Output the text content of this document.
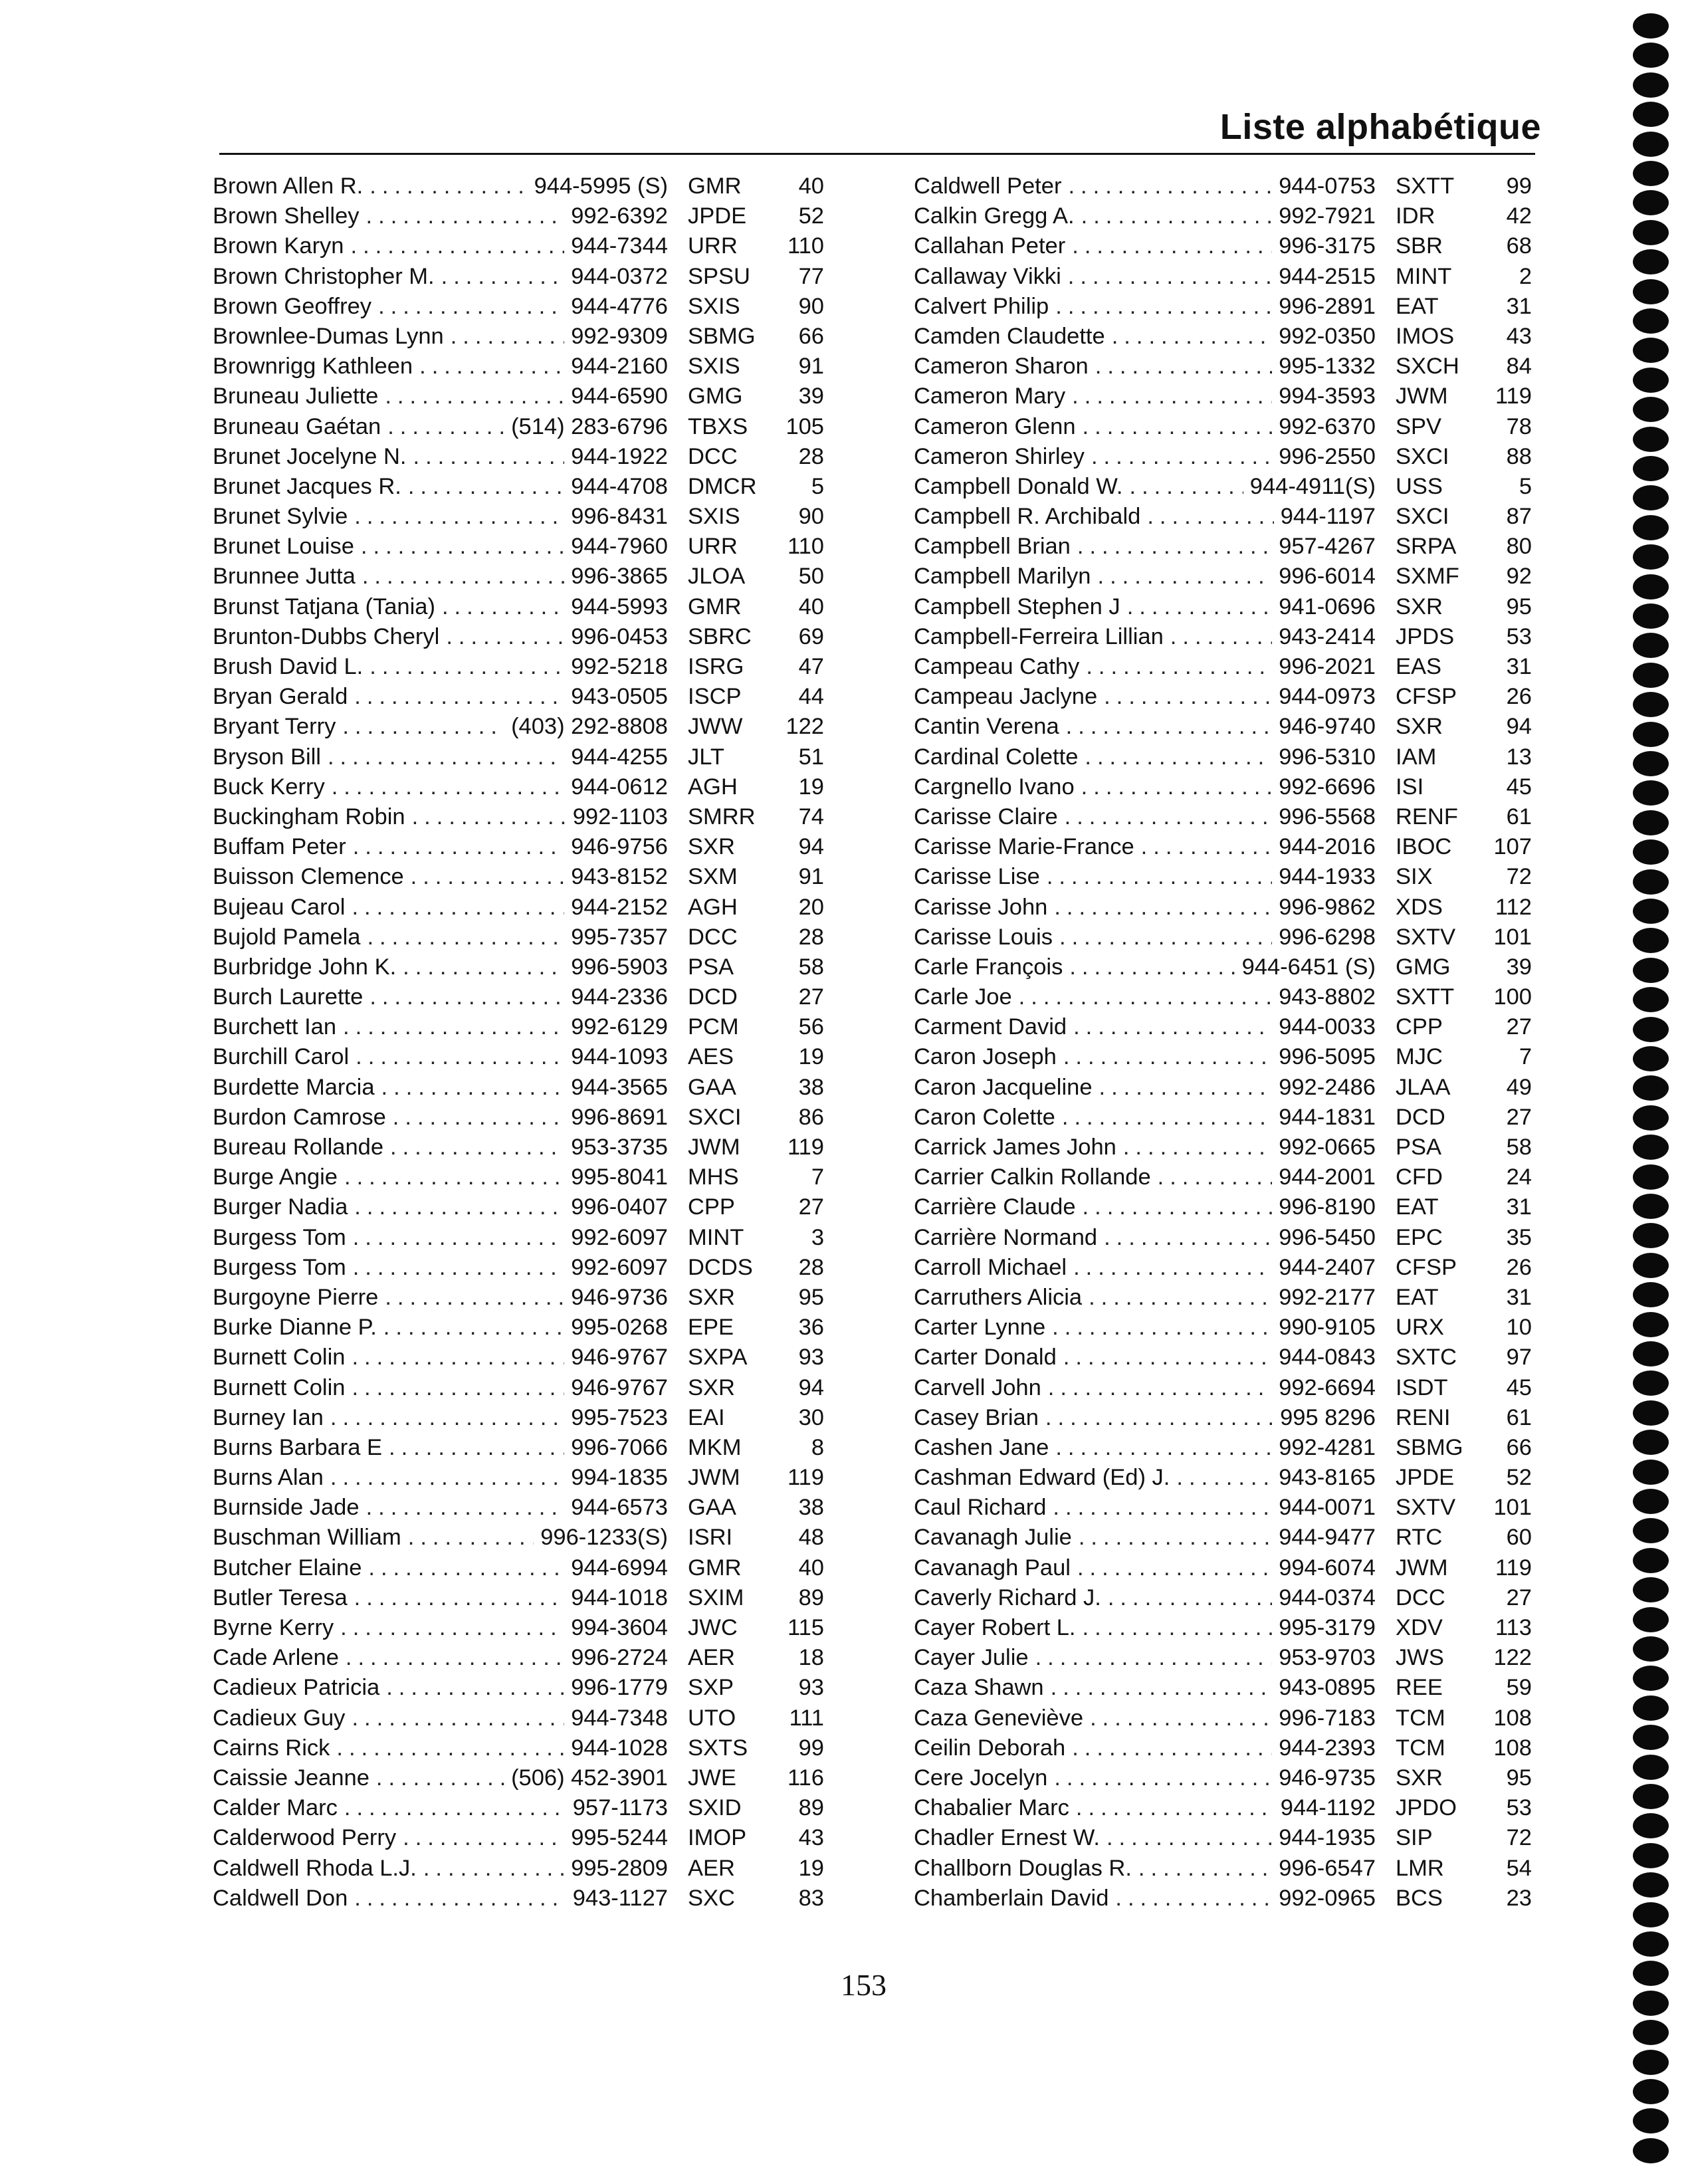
Liste alphabétique
Brown Allen R. .....	944-5995 (S) GMR	40
Brown Shelley .....	992-6392 JPDE	52
Brown Karyn .....	944-7344 URR	110
Brown Christopher M. .....	944-0372 SPSU	77
Brown Geoffrey .....	944-4776 SXIS	90
Brownlee-Dumas Lynn .....	992-9309 SBMG	66
Brownrigg Kathleen .....	944-2160 SXIS	91
Bruneau Juliette .....	944-6590 GMG	39
Bruneau Gaétan .....	(514) 283-6796 TBXS	105
Brunet Jocelyne N. .....	944-1922 DCC	28
Brunet Jacques R. .....	944-4708 DMCR	5
Brunet Sylvie .....	996-8431 SXIS	90
Brunet Louise .....	944-7960 URR	110
Brunnee Jutta .....	996-3865 JLOA	50
Brunst Tatjana (Tania) .....	944-5993 GMR	40
Brunton-Dubbs Cheryl .....	996-0453 SBRC	69
Brush David L. .....	992-5218 ISRG	47
Bryan Gerald .....	943-0505 ISCP	44
Bryant Terry .....	(403) 292-8808 JWW	122
Bryson Bill .....	944-4255 JLT	51
Buck Kerry .....	944-0612 AGH	19
Buckingham Robin .....	992-1103 SMRR	74
Buffam Peter .....	946-9756 SXR	94
Buisson Clemence .....	943-8152 SXM	91
Bujeau Carol .....	944-2152 AGH	20
Bujold Pamela .....	995-7357 DCC	28
Burbridge John K. .....	996-5903 PSA	58
Burch Laurette .....	944-2336 DCD	27
Burchett Ian .....	992-6129 PCM	56
Burchill Carol .....	944-1093 AES	19
Burdette Marcia .....	944-3565 GAA	38
Burdon Camrose .....	996-8691 SXCI	86
Bureau Rollande .....	953-3735 JWM	119
Burge Angie .....	995-8041 MHS	7
Burger Nadia .....	996-0407 CPP	27
Burgess Tom .....	992-6097 MINT	3
Burgess Tom .....	992-6097 DCDS	28
Burgoyne Pierre .....	946-9736 SXR	95
Burke Dianne P. .....	995-0268 EPE	36
Burnett Colin .....	946-9767 SXPA	93
Burnett Colin .....	946-9767 SXR	94
Burney Ian .....	995-7523 EAI	30
Burns Barbara E .....	996-7066 MKM	8
Burns Alan .....	994-1835 JWM	119
Burnside Jade .....	944-6573 GAA	38
Buschman William .....	996-1233(S) ISRI	48
Butcher Elaine .....	944-6994 GMR	40
Butler Teresa .....	944-1018 SXIM	89
Byrne Kerry .....	994-3604 JWC	115
Cade Arlene .....	996-2724 AER	18
Cadieux Patricia .....	996-1779 SXP	93
Cadieux Guy .....	944-7348 UTO	111
Cairns Rick .....	944-1028 SXTS	99
Caissie Jeanne .....	(506) 452-3901 JWE	116
Calder Marc .....	957-1173 SXID	89
Calderwood Perry .....	995-5244 IMOP	43
Caldwell Rhoda L.J. .....	995-2809 AER	19
Caldwell Don .....	943-1127 SXC	83
Caldwell Peter .....	944-0753 SXTT	99
Calkin Gregg A. .....	992-7921 IDR	42
Callahan Peter .....	996-3175 SBR	68
Callaway Vikki .....	944-2515 MINT	2
Calvert Philip .....	996-2891 EAT	31
Camden Claudette .....	992-0350 IMOS	43
Cameron Sharon .....	995-1332 SXCH	84
Cameron Mary .....	994-3593 JWM	119
Cameron Glenn .....	992-6370 SPV	78
Cameron Shirley .....	996-2550 SXCI	88
Campbell Donald W. .....	944-4911(S) USS	5
Campbell R. Archibald .....	944-1197 SXCI	87
Campbell Brian .....	957-4267 SRPA	80
Campbell Marilyn .....	996-6014 SXMF	92
Campbell Stephen J .....	941-0696 SXR	95
Campbell-Ferreira Lillian .....	943-2414 JPDS	53
Campeau Cathy .....	996-2021 EAS	31
Campeau Jaclyne .....	944-0973 CFSP	26
Cantin Verena .....	946-9740 SXR	94
Cardinal Colette .....	996-5310 IAM	13
Cargnello Ivano .....	992-6696 ISI	45
Carisse Claire .....	996-5568 RENF	61
Carisse Marie-France .....	944-2016 IBOC	107
Carisse Lise .....	944-1933 SIX	72
Carisse John .....	996-9862 XDS	112
Carisse Louis .....	996-6298 SXTV	101
Carle François .....	944-6451 (S) GMG	39
Carle Joe .....	943-8802 SXTT	100
Carment David .....	944-0033 CPP	27
Caron Joseph .....	996-5095 MJC	7
Caron Jacqueline .....	992-2486 JLAA	49
Caron Colette .....	944-1831 DCD	27
Carrick James John .....	992-0665 PSA	58
Carrier Calkin Rollande .....	944-2001 CFD	24
Carrière Claude .....	996-8190 EAT	31
Carrière Normand .....	996-5450 EPC	35
Carroll Michael .....	944-2407 CFSP	26
Carruthers Alicia .....	992-2177 EAT	31
Carter Lynne .....	990-9105 URX	10
Carter Donald .....	944-0843 SXTC	97
Carvell John .....	992-6694 ISDT	45
Casey Brian .....	995 8296 RENI	61
Cashen Jane .....	992-4281 SBMG	66
Cashman Edward (Ed) J. .....	943-8165 JPDE	52
Caul Richard .....	944-0071 SXTV	101
Cavanagh Julie .....	944-9477 RTC	60
Cavanagh Paul .....	994-6074 JWM	119
Caverly Richard J. .....	944-0374 DCC	27
Cayer Robert L. .....	995-3179 XDV	113
Cayer Julie .....	953-9703 JWS	122
Caza Shawn .....	943-0895 REE	59
Caza Geneviève .....	996-7183 TCM	108
Ceilin Deborah .....	944-2393 TCM	108
Cere Jocelyn .....	946-9735 SXR	95
Chabalier Marc .....	944-1192 JPDO	53
Chadler Ernest W. .....	944-1935 SIP	72
Challborn Douglas R. .....	996-6547 LMR	54
Chamberlain David .....	992-0965 BCS	23
153
